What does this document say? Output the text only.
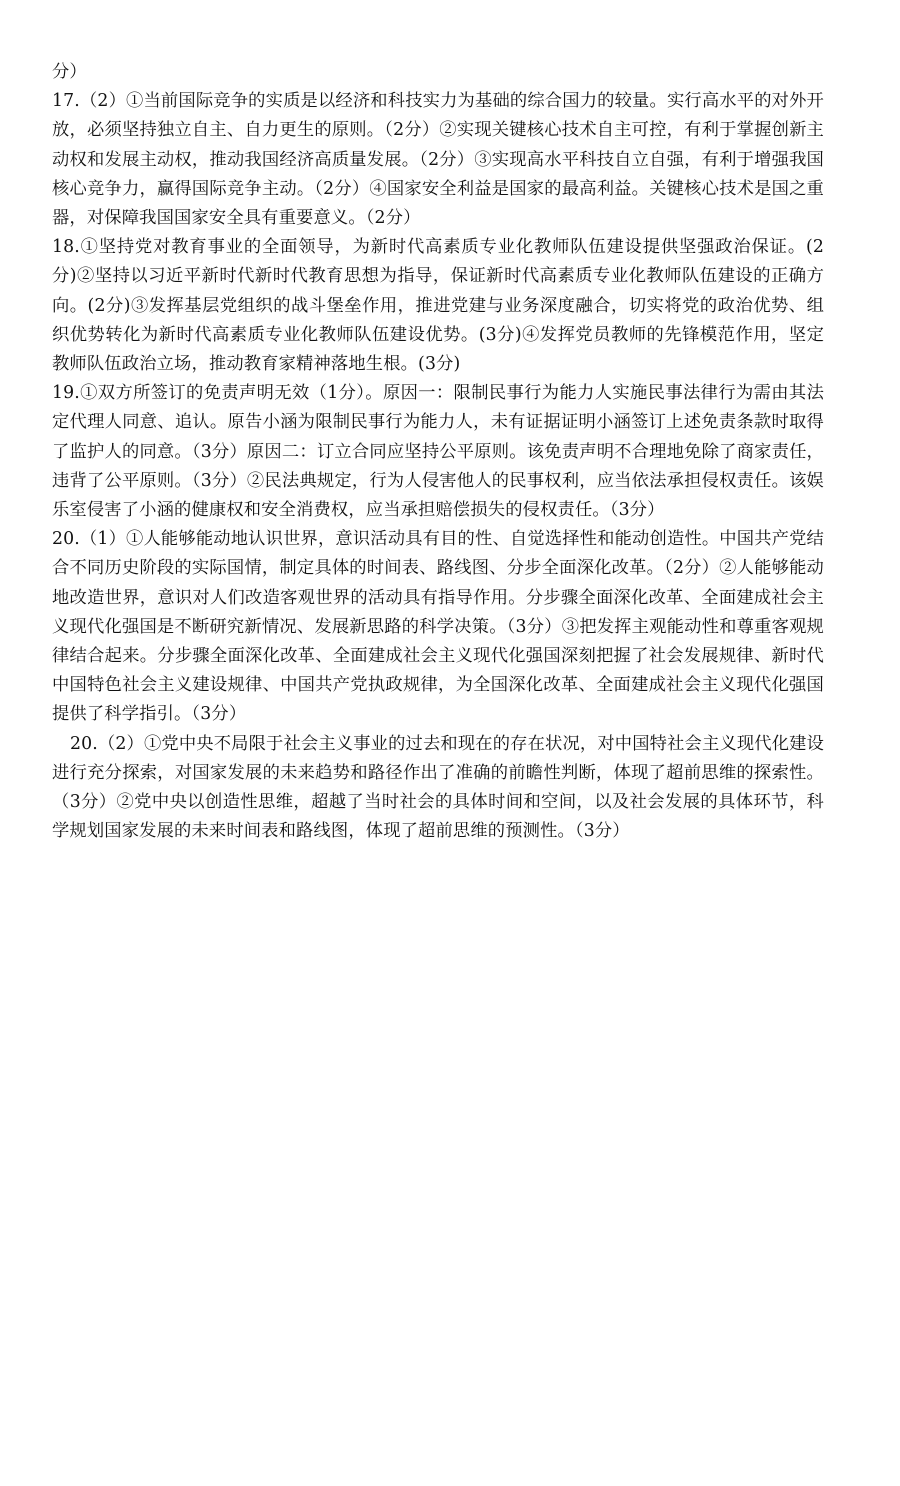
分）

17.（2）①当前国际竞争的实质是以经济和科技实力为基础的综合国力的较量。实行高水平的对外开放，必须坚持独立自主、自力更生的原则。（2分）②实现关键核心技术自主可控，有利于掌握创新主动权和发展主动权，推动我国经济高质量发展。（2分）③实现高水平科技自立自强，有利于增强我国核心竞争力，赢得国际竞争主动。（2分）④国家安全利益是国家的最高利益。关键核心技术是国之重器，对保障我国国家安全具有重要意义。（2分）

18.①坚持党对教育事业的全面领导，为新时代高素质专业化教师队伍建设提供坚强政治保证。(2分)②坚持以习近平新时代新时代教育思想为指导，保证新时代高素质专业化教师队伍建设的正确方向。(2分)③发挥基层党组织的战斗堡垒作用，推进党建与业务深度融合，切实将党的政治优势、组织优势转化为新时代高素质专业化教师队伍建设优势。(3分)④发挥党员教师的先锋模范作用，坚定教师队伍政治立场，推动教育家精神落地生根。(3分)

19.①双方所签订的免责声明无效（1分）。原因一：限制民事行为能力人实施民事法律行为需由其法定代理人同意、追认。原告小涵为限制民事行为能力人，未有证据证明小涵签订上述免责条款时取得了监护人的同意。（3分）原因二：订立合同应坚持公平原则。该免责声明不合理地免除了商家责任，违背了公平原则。（3分）②民法典规定，行为人侵害他人的民事权利，应当依法承担侵权责任。该娱乐室侵害了小涵的健康权和安全消费权，应当承担赔偿损失的侵权责任。（3分）

20.（1）①人能够能动地认识世界，意识活动具有目的性、自觉选择性和能动创造性。中国共产党结合不同历史阶段的实际国情，制定具体的时间表、路线图、分步全面深化改革。（2分）②人能够能动地改造世界，意识对人们改造客观世界的活动具有指导作用。分步骤全面深化改革、全面建成社会主义现代化强国是不断研究新情况、发展新思路的科学决策。（3分）③把发挥主观能动性和尊重客观规律结合起来。分步骤全面深化改革、全面建成社会主义现代化强国深刻把握了社会发展规律、新时代中国特色社会主义建设规律、中国共产党执政规律，为全国深化改革、全面建成社会主义现代化强国提供了科学指引。（3分）

20.（2）①党中央不局限于社会主义事业的过去和现在的存在状况，对中国特社会主义现代化建设进行充分探索，对国家发展的未来趋势和路径作出了准确的前瞻性判断，体现了超前思维的探索性。（3分）②党中央以创造性思维，超越了当时社会的具体时间和空间，以及社会发展的具体环节，科学规划国家发展的未来时间表和路线图，体现了超前思维的预测性。（3分）
